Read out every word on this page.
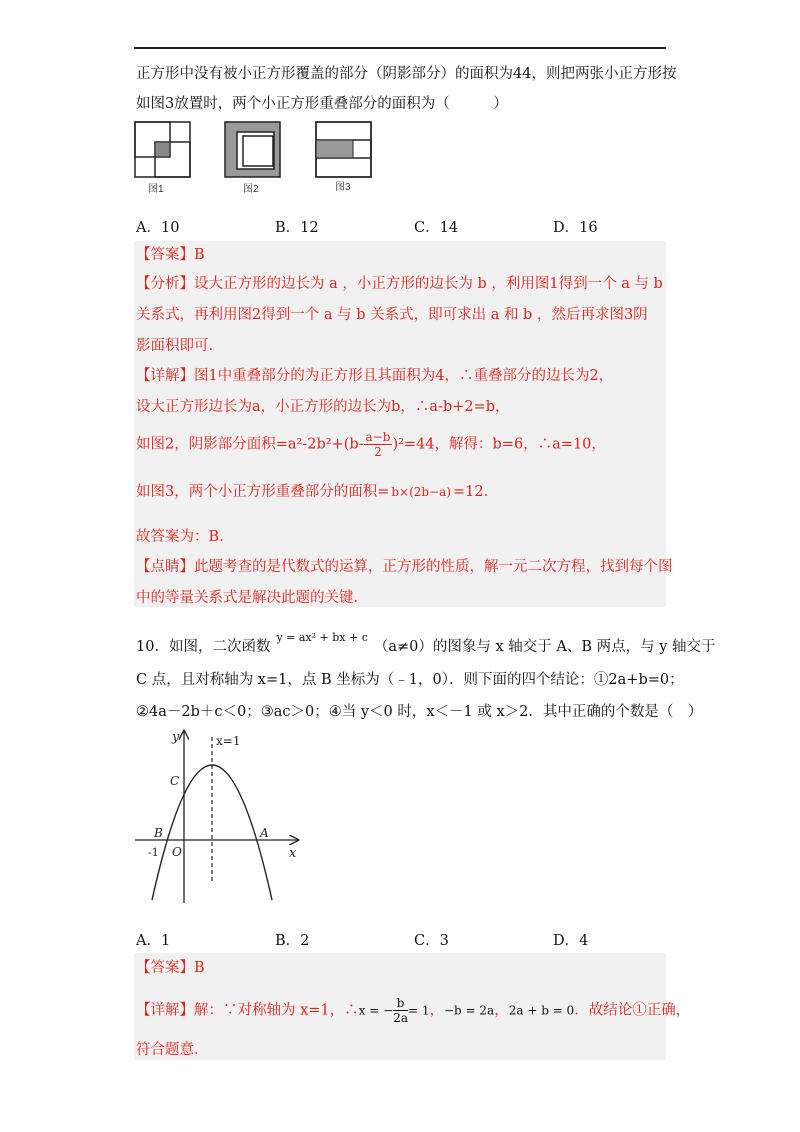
正方形中没有被小正方形覆盖的部分（阴影部分）的面积为44，则把两张小正方形按
如图3放置时，两个小正方形重叠部分的面积为（　　　）
图1	图2	图3
A．10	B．12	C．14	D．16
【答案】B
【分析】设大正方形的边长为 a ，小正方形的边长为 b ，利用图1得到一个 a 与 b
关系式，再利用图2得到一个 a 与 b 关系式，即可求出 a 和 b ，然后再求图3阴
影面积即可.
【详解】图1中重叠部分的为正方形且其面积为4，∴重叠部分的边长为2，
设大正方形边长为a，小正方形的边长为b，∴a-b+2=b，
如图2，阴影部分面积$=a^2-2b^2+(b- \frac{a-b}{2} )^2=44$，解得：b=6，∴a=10，
如图3，两个小正方形重叠部分的面积= b×(2b−a) =12.
故答案为：B.
【点睛】此题考查的是代数式的运算，正方形的性质，解一元二次方程，找到每个图
中的等量关系式是解决此题的关键.
10．如图，二次函数$^{y = ax^2 + bx + c}$（a≠0）的图象与 x 轴交于 A、B 两点，与 y 轴交于
C 点，且对称轴为 x=1，点 B 坐标为（﹣1，0）．则下面的四个结论：①2a+b=0；
②4a－2b＋c＜0；③ac＞0；④当 y＜0 时，x＜－1 或 x＞2．其中正确的个数是（　）
y
x
x=1
C
B	A
O
-1
A．1	B．2	C．3	D．4
【答案】B
【详解】解：∵对称轴为 x=1，∴x = − $\frac{b}{2a} = 1$，−b = 2a，2a + b = 0．故结论①正确，
符合题意.
